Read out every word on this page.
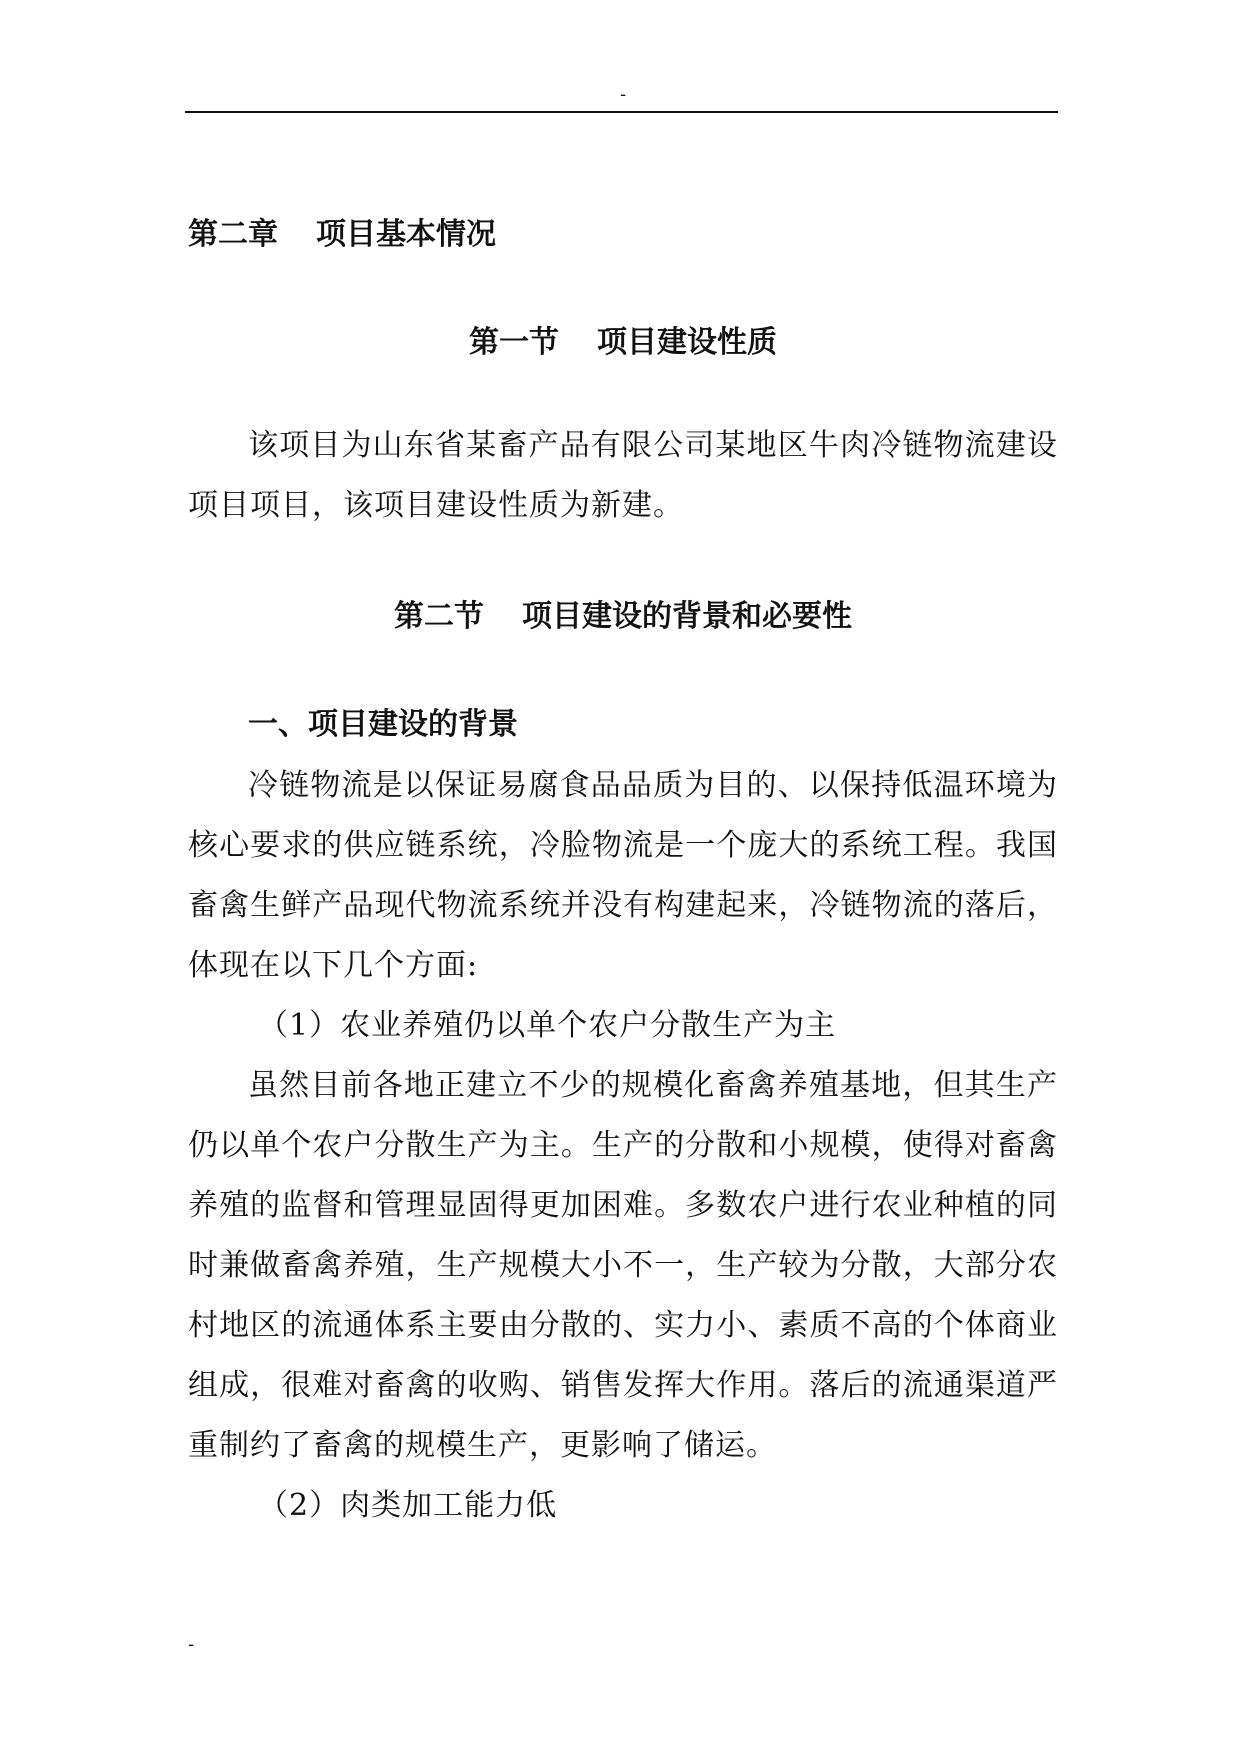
-
第二章 项目基本情况
第一节 项目建设性质

该项目为山东省某畜产品有限公司某地区牛肉冷链物流建设项目项目，该项目建设性质为新建。

第二节 项目建设的背景和必要性
一、项目建设的背景

冷链物流是以保证易腐食品品质为目的、以保持低温环境为核心要求的供应链系统，冷脸物流是一个庞大的系统工程。我国畜禽生鲜产品现代物流系统并没有构建起来，冷链物流的落后，体现在以下几个方面:

（1）农业养殖仍以单个农户分散生产为主

虽然目前各地正建立不少的规模化畜禽养殖基地，但其生产仍以单个农户分散生产为主。生产的分散和小规模，使得对畜禽养殖的监督和管理显固得更加困难。多数农户进行农业种植的同时兼做畜禽养殖，生产规模大小不一，生产较为分散，大部分农村地区的流通体系主要由分散的、实力小、素质不高的个体商业组成，很难对畜禽的收购、销售发挥大作用。落后的流通渠道严重制约了畜禽的规模生产，更影响了储运。

（2）肉类加工能力低

-
